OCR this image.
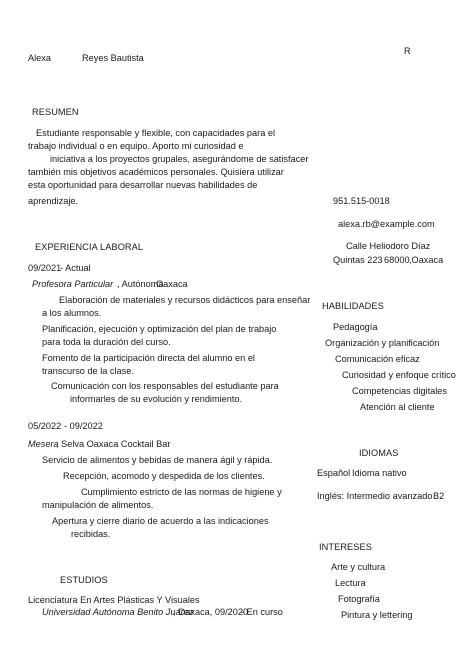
Alexa	Reyes Bautista
R
RESUMEN
Estudiante responsable y flexible, con capacidades para el
trabajo individual o en equipo. Aporto mi curiosidad e
iniciativa a los proyectos grupales, asegurándome de satisfacer
también mis objetivos académicos personales. Quisiera utilizar
esta oportunidad para desarrollar nuevas habilidades de
aprendizaje.	951.515-0018
alexa.rb@example.com
Calle Heliodoro Díaz
Quintas 223 68000 ,Oaxaca
EXPERIENCIA LABORAL
09/2021
- Actual
Profesora Particular , Autónoma
Oaxaca
Elaboración de materiales y recursos didácticos para enseñar
a los alumnos.
Planificación, ejecución y optimización del plan de trabajo
para toda la duración del curso.
Fomento de la participación directa del alumno en el
transcurso de la clase.
Comunicación con los responsables del estudiante para
informarles de su evolución y rendimiento.
05/2022 - 09/2022
Mesera
, Selva Oaxaca Cocktail Bar
Servicio de alimentos y bebidas de manera ágil y rápida.
Recepción, acomodo y despedida de los clientes.
Cumplimiento estricto de las normas de higiene y
manipulación de alimentos.
Apertura y cierre diario de acuerdo a las indicaciones
recibidas.
HABILIDADES
Pedagogía
Organización y planificación
Comunicación eficaz
Curiosidad y enfoque crítico
Competencias digitales
Atención al cliente
IDIOMAS
Español Idioma nativo
Inglés: Intermedio avanzado B2
INTERESES
Arte y cultura
Lectura
Fotografía
Pintura y lettering
ESTUDIOS
Licenciatura En Artes Plásticas Y Visuales
Universidad Autónoma Benito Juárez
, Oaxaca, 09/2020
- En curso
